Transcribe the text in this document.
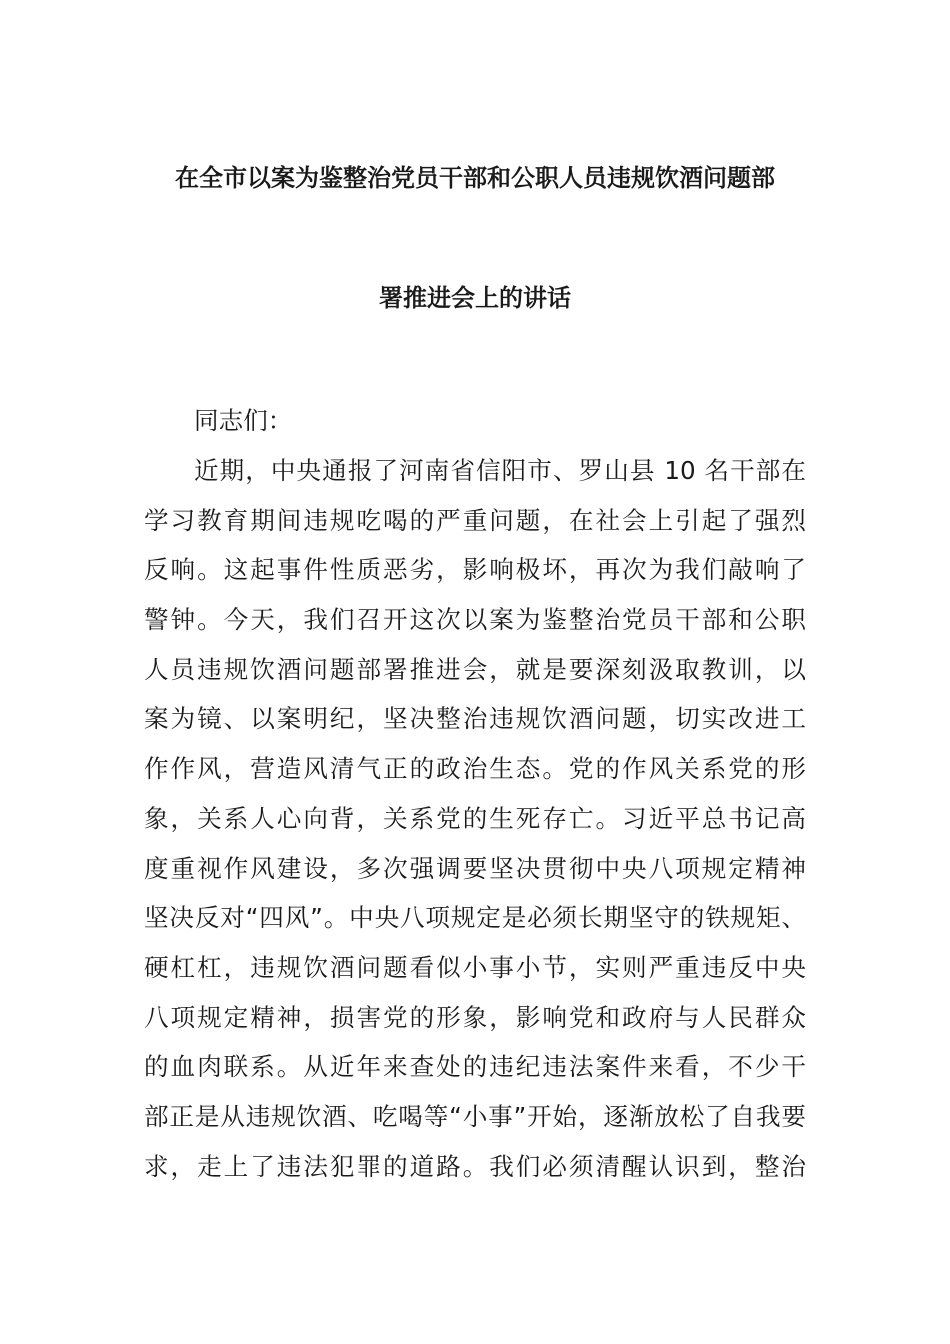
在全市以案为鉴整治党员干部和公职人员违规饮酒问题部
署推进会上的讲话
同志们：
近期，中央通报了河南省信阳市、罗山县 10 名干部在
学习教育期间违规吃喝的严重问题，在社会上引起了强烈
反响。这起事件性质恶劣，影响极坏，再次为我们敲响了
警钟。今天，我们召开这次以案为鉴整治党员干部和公职
人员违规饮酒问题部署推进会，就是要深刻汲取教训，以
案为镜、以案明纪，坚决整治违规饮酒问题，切实改进工
作作风，营造风清气正的政治生态。党的作风关系党的形
象，关系人心向背，关系党的生死存亡。习近平总书记高
度重视作风建设，多次强调要坚决贯彻中央八项规定精神
坚决反对“四风”。中央八项规定是必须长期坚守的铁规矩、
硬杠杠，违规饮酒问题看似小事小节，实则严重违反中央
八项规定精神，损害党的形象，影响党和政府与人民群众
的血肉联系。从近年来查处的违纪违法案件来看，不少干
部正是从违规饮酒、吃喝等“小事”开始，逐渐放松了自我要
求，走上了违法犯罪的道路。我们必须清醒认识到，整治
